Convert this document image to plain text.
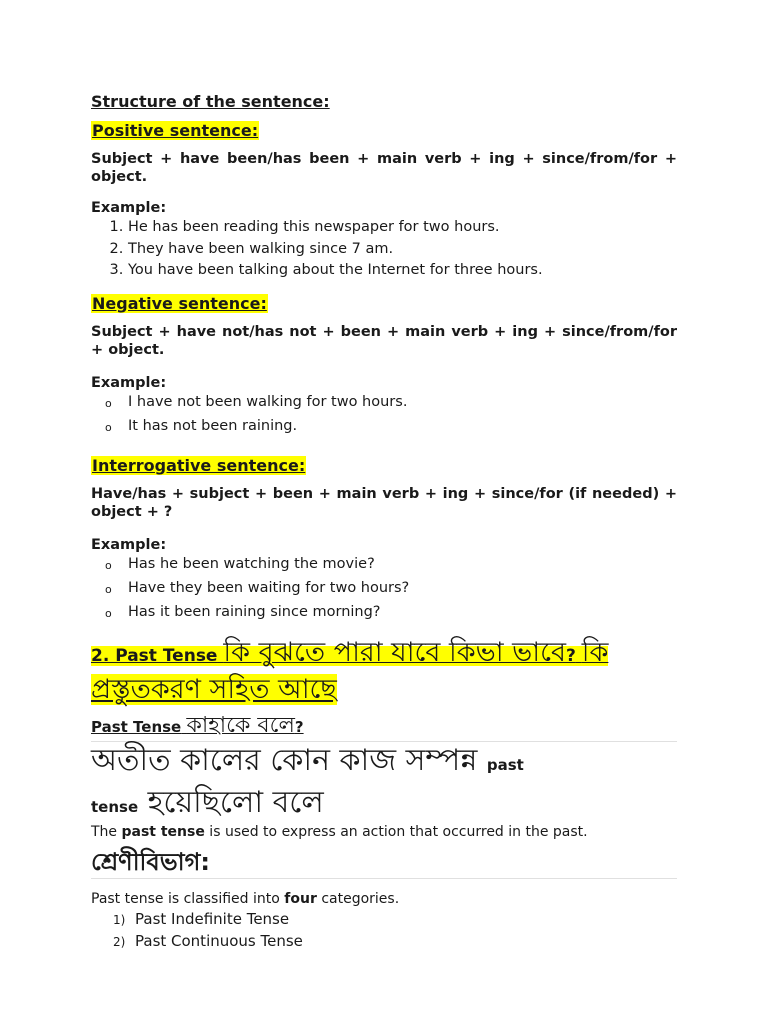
Structure of the sentence:

Positive sentence:

Subject + have been/has been + main verb + ing + since/from/for + object.

Example:

1. He has been reading this newspaper for two hours.
2. They have been walking since 7 am.
3. You have been talking about the Internet for three hours.

Negative sentence:

Subject + have not/has not + been + main verb + ing + since/from/for + object.

Example:

o	I have not been walking for two hours.
o	It has not been raining.

Interrogative sentence:

Have/has + subject + been + main verb + ing + since/for (if needed) + object + ?

Example:

o	Has he been watching the movie?
o	Have they been waiting for two hours?
o	Has it been raining since morning?

2. Past Tense কি বুঝতে পারা যাবে কিভা ভাবে? কি
প্রস্তুতকরণ সহিত আছে

Past Tense কাহাকে বলে?

অতীত কালের কোন কাজ সম্পন্ন past
tense হয়েছিলো বলে

The past tense is used to express an action that occurred in the past.

শ্রেণীবিভাগ:

Past tense is classified into four categories.

1) Past Indefinite Tense
2) Past Continuous Tense
